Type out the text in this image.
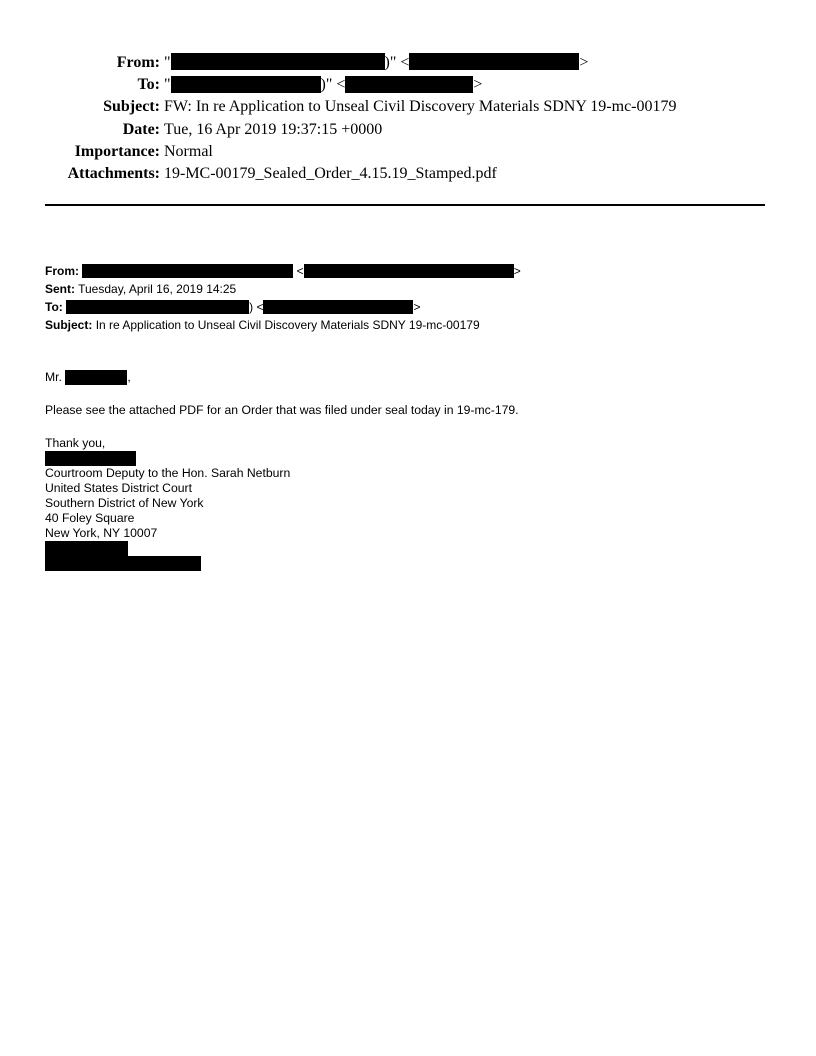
From: "	)" <	>
To: "	)" <	>
Subject: FW: In re Application to Unseal Civil Discovery Materials SDNY 19-mc-00179
Date: Tue, 16 Apr 2019 19:37:15 +0000
Importance: Normal
Attachments: 19-MC-00179_Sealed_Order_4.15.19_Stamped.pdf
From:	<	>
Sent: Tuesday, April 16, 2019 14:25
To:	) <	>
Subject: In re Application to Unseal Civil Discovery Materials SDNY 19-mc-00179
Mr.	,
Please see the attached PDF for an Order that was filed under seal today in 19-mc-179.
Thank you,
Courtroom Deputy to the Hon. Sarah Netburn
United States District Court
Southern District of New York
40 Foley Square
New York, NY 10007
